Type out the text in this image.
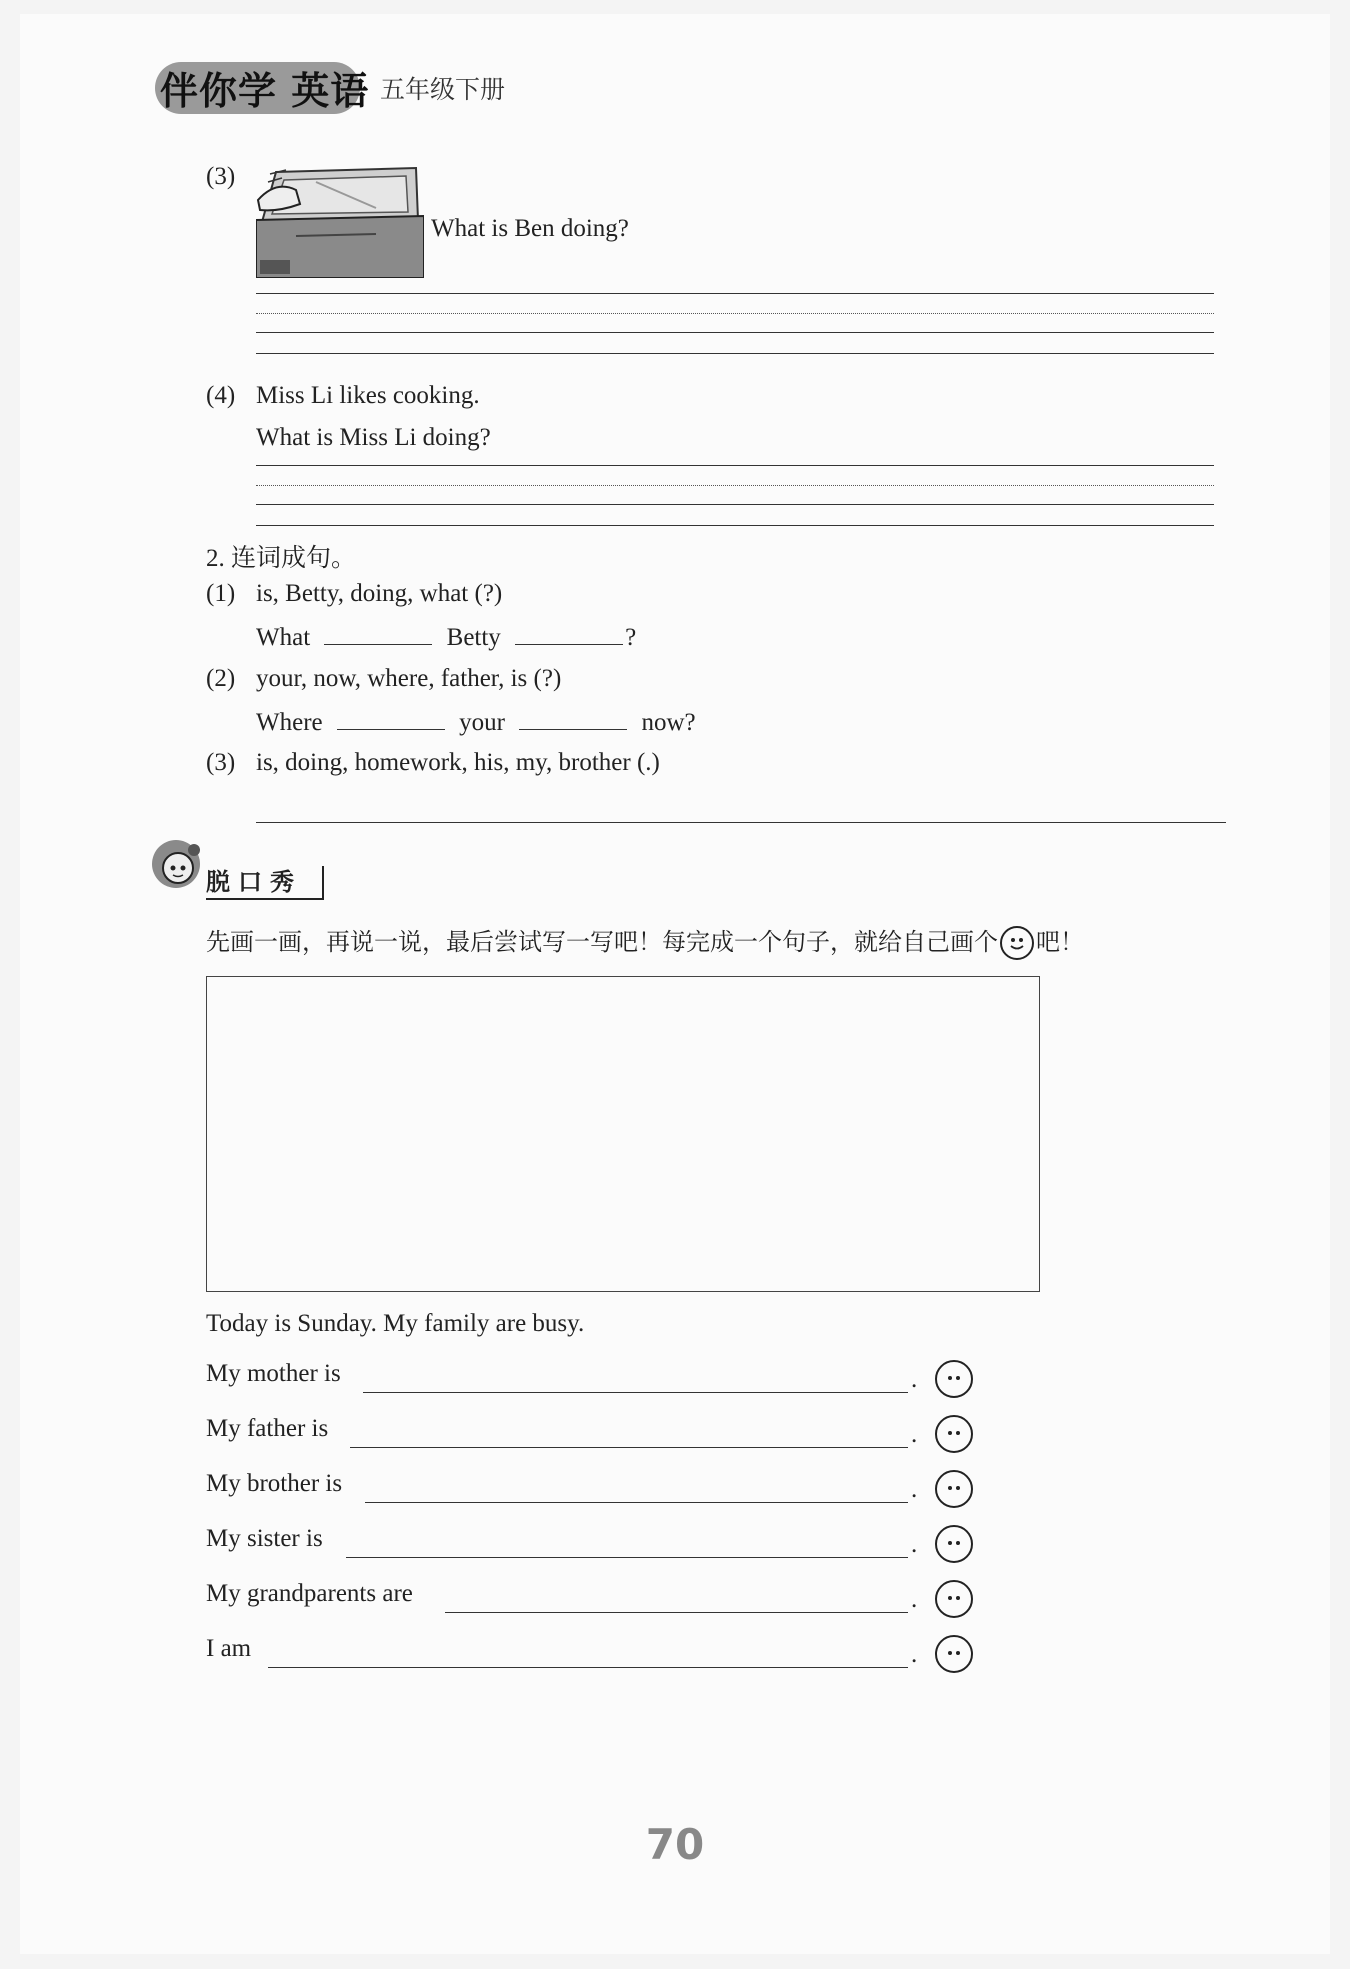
伴你学 英语 五年级下册
(3)
What is Ben doing?
(4) Miss Li likes cooking.
What is Miss Li doing?
2. 连词成句。
(1) is, Betty, doing, what (?)
What	Betty	?
(2) your, now, where, father, is (?)
Where	your	now?
(3) is, doing, homework, his, my, brother (.)
脱口秀
先画一画，再说一说，最后尝试写一写吧！每完成一个句子，就给自己画个 吧！
Today is Sunday. My family are busy.
My mother is	.
My father is	.
My brother is	.
My sister is	.
My grandparents are	.
I am	.
70
